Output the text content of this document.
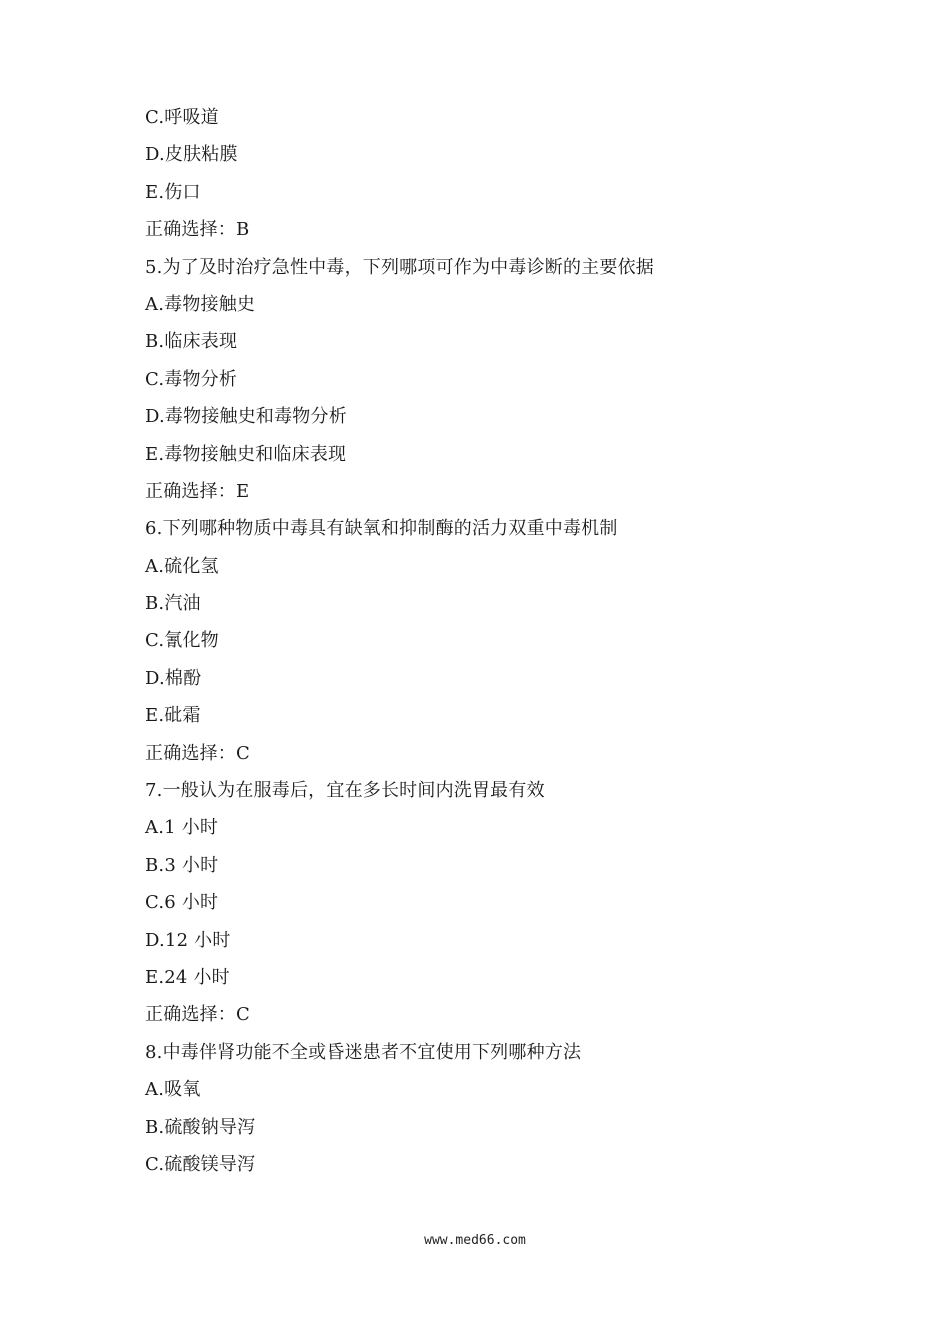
C.呼吸道
D.皮肤粘膜
E.伤口
正确选择：B
5.为了及时治疗急性中毒，下列哪项可作为中毒诊断的主要依据
A.毒物接触史
B.临床表现
C.毒物分析
D.毒物接触史和毒物分析
E.毒物接触史和临床表现
正确选择：E
6.下列哪种物质中毒具有缺氧和抑制酶的活力双重中毒机制
A.硫化氢
B.汽油
C.氰化物
D.棉酚
E.砒霜
正确选择：C
7.一般认为在服毒后，宜在多长时间内洗胃最有效
A.1 小时
B.3 小时
C.6 小时
D.12 小时
E.24 小时
正确选择：C
8.中毒伴肾功能不全或昏迷患者不宜使用下列哪种方法
A.吸氧
B.硫酸钠导泻
C.硫酸镁导泻
www.med66.com
